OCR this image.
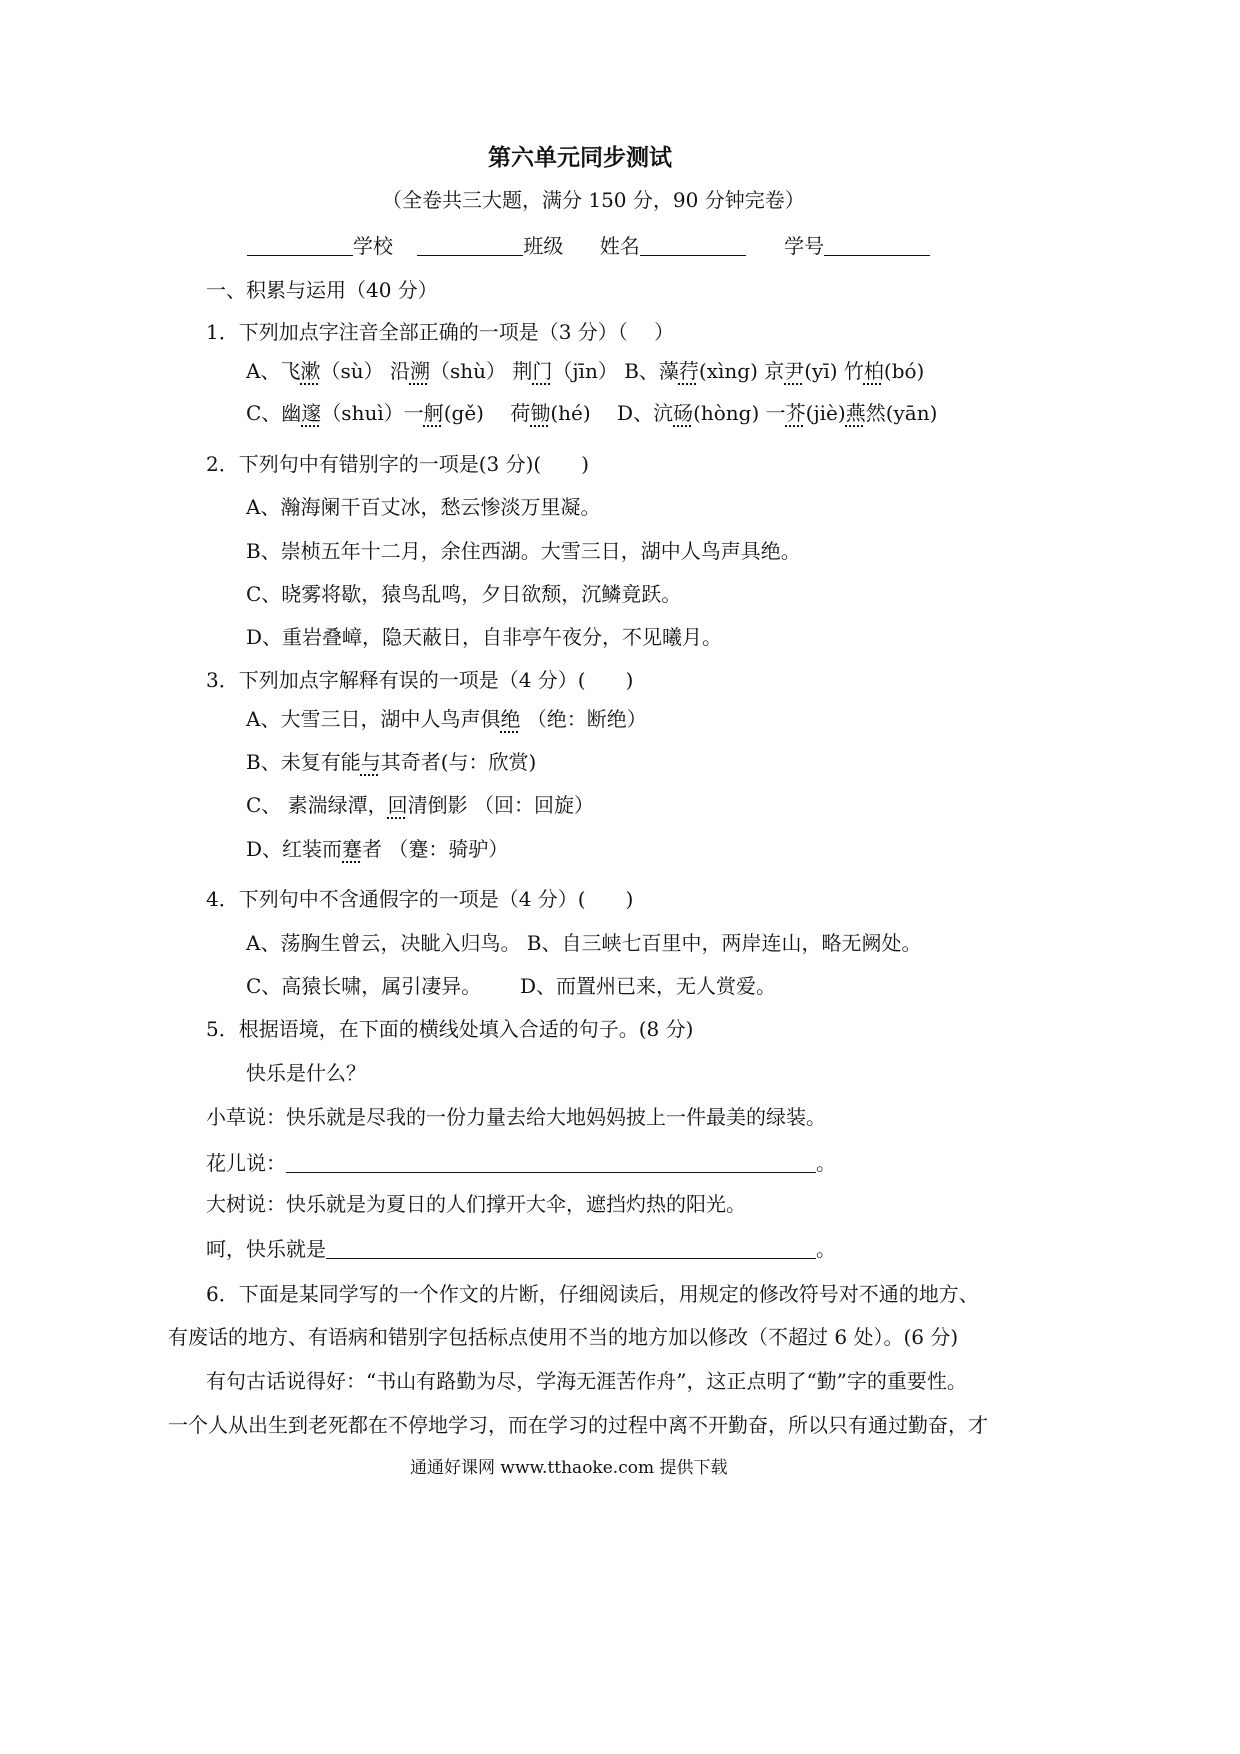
第六单元同步测试
（全卷共三大题，满分 150 分，90 分钟完卷）
学校	班级 姓名	学号
一、积累与运用（40 分）
1．下列加点字注音全部正确的一项是（3 分）（　 ）
A、飞漱（sù） 沿溯（shù） 荆门（jīn） B、藻荇(xìng) 京尹(yī) 竹柏(bó)
C、幽邃（shuì）一舸(gě)　 荷锄(hé)　 D、沆砀(hòng) 一芥(jiè)燕然(yān)
2．下列句中有错别字的一项是(3 分)(　　)
A、瀚海阑干百丈冰，愁云惨淡万里凝。
B、崇桢五年十二月，余住西湖。大雪三日，湖中人鸟声具绝。
C、晓雾将歇，猿鸟乱鸣，夕日欲颓，沉鳞竟跃。
D、重岩叠嶂，隐天蔽日，自非亭午夜分，不见曦月。
3．下列加点字解释有误的一项是（4 分）(　　)
A、大雪三日，湖中人鸟声俱绝 （绝：断绝）
B、未复有能与其奇者(与：欣赏)
C、 素湍绿潭，回清倒影 （回：回旋）
D、红装而蹇者 （蹇：骑驴）
4．下列句中不含通假字的一项是（4 分）(　　)
A、荡胸生曾云，决眦入归鸟。 B、自三峡七百里中，两岸连山，略无阙处。
C、高猿长啸，属引凄异。 D、而置州已来，无人赏爱。
5．根据语境，在下面的横线处填入合适的句子。(8 分)
快乐是什么？
小草说：快乐就是尽我的一份力量去给大地妈妈披上一件最美的绿装。
花儿说：	。
大树说：快乐就是为夏日的人们撑开大伞，遮挡灼热的阳光。
呵，快乐就是	。
6．下面是某同学写的一个作文的片断，仔细阅读后，用规定的修改符号对不通的地方、
有废话的地方、有语病和错别字包括标点使用不当的地方加以修改（不超过 6 处）。(6 分)
有句古话说得好：“书山有路勤为尽，学海无涯苦作舟”，这正点明了“勤”字的重要性。
一个人从出生到老死都在不停地学习，而在学习的过程中离不开勤奋，所以只有通过勤奋，才
通通好课网 www.tthaoke.com 提供下载
